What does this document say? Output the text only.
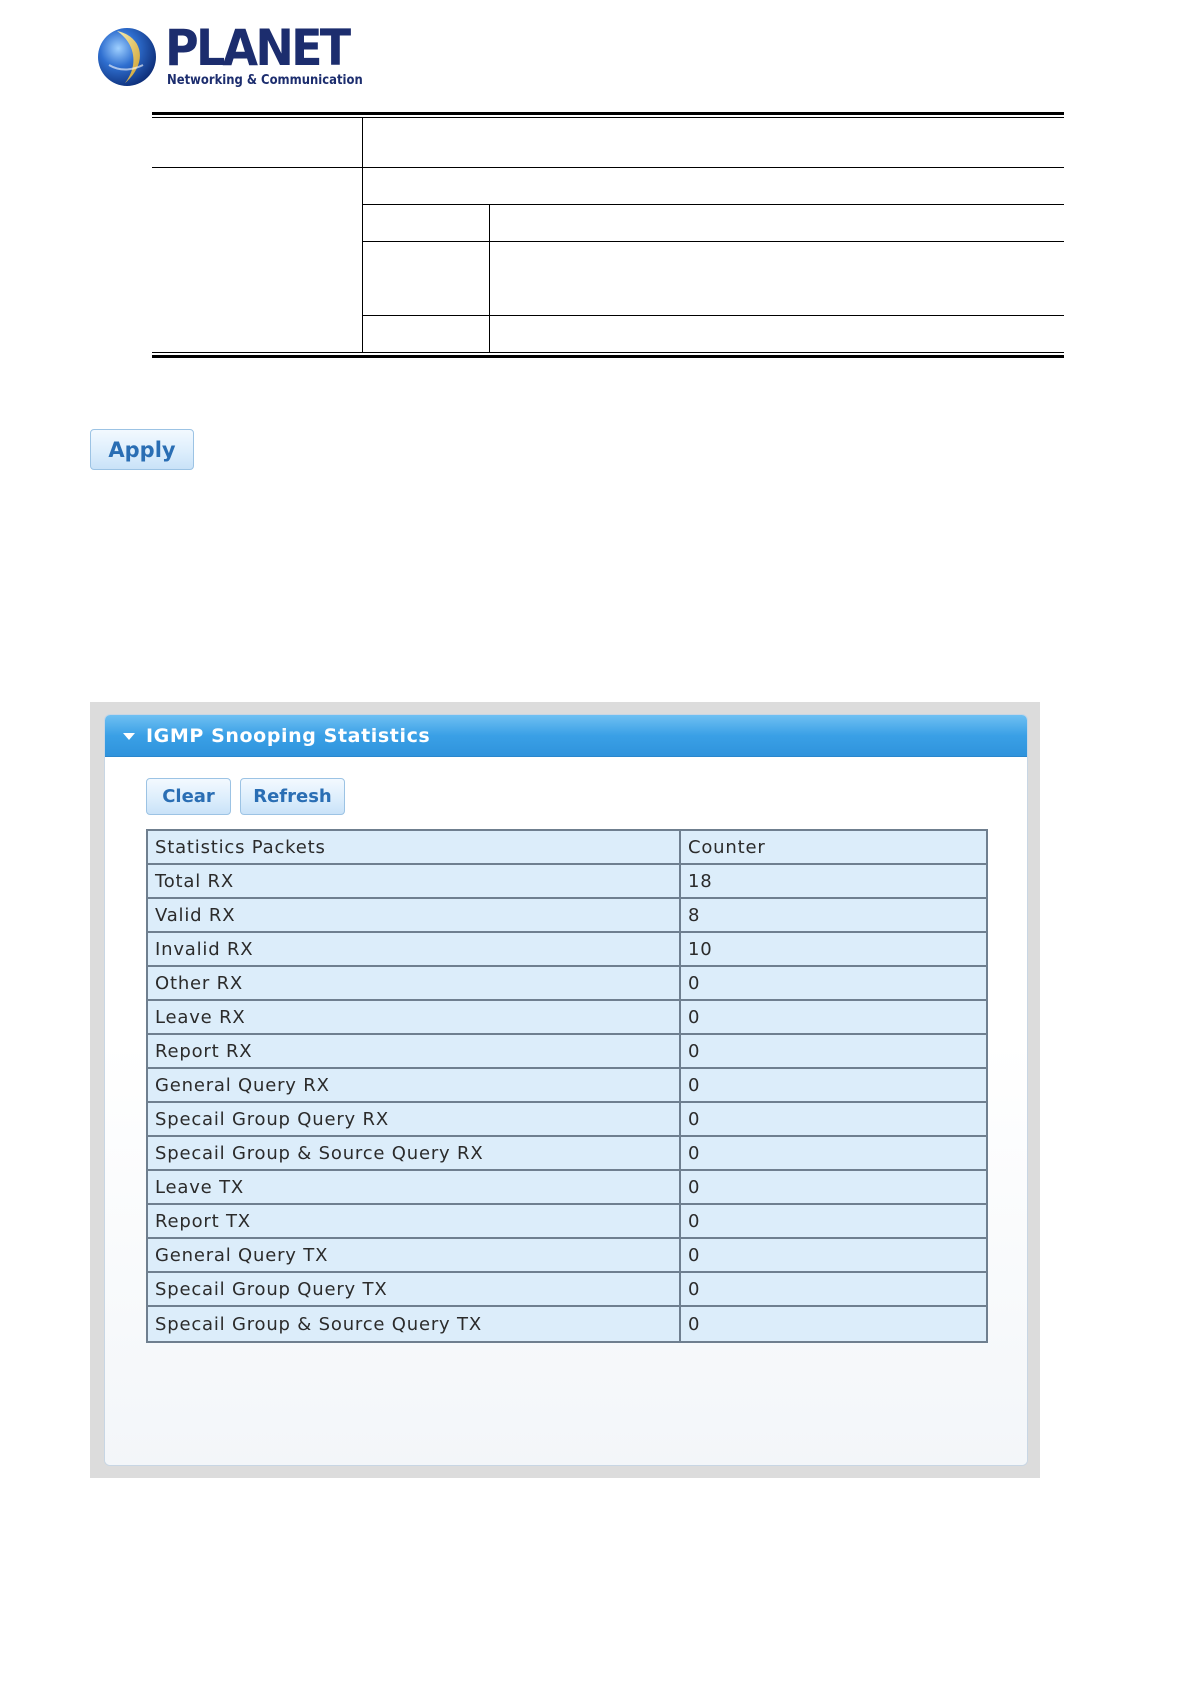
PLANET
Networking & Communication
Apply
IGMP Snooping Statistics
Clear	Refresh
Statistics Packets	Counter
Total RX	18
Valid RX	8
Invalid RX	10
Other RX	0
Leave RX	0
Report RX	0
General Query RX	0
Specail Group Query RX	0
Specail Group & Source Query RX	0
Leave TX	0
Report TX	0
General Query TX	0
Specail Group Query TX	0
Specail Group & Source Query TX	0
